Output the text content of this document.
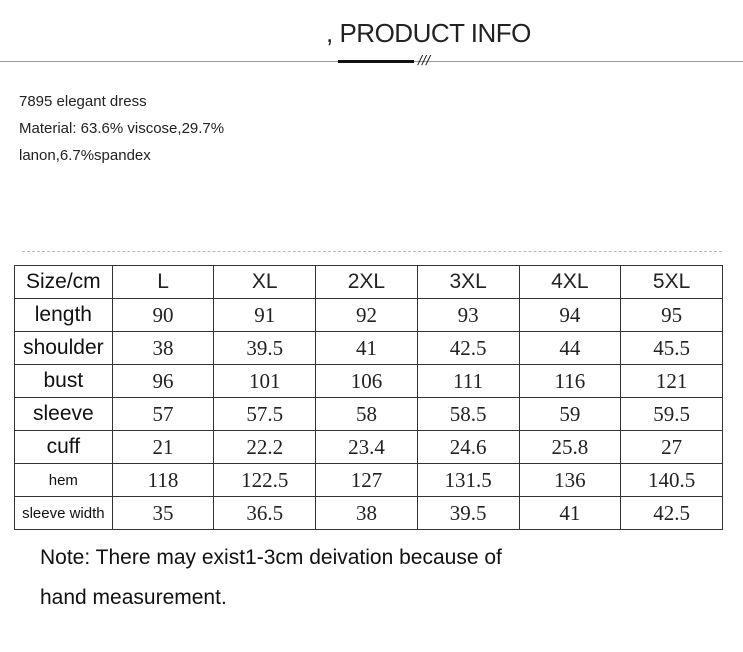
, PRODUCT INFO
///
7895 elegant dress
Material: 63.6% viscose,29.7%
lanon,6.7%spandex
Size/cm	L	XL	2XL	3XL	4XL	5XL
length	90	91	92	93	94	95
shoulder	38	39.5	41	42.5	44	45.5
bust	96	101	106	111	116	121
sleeve	57	57.5	58	58.5	59	59.5
cuff	21	22.2	23.4	24.6	25.8	27
hem	118	122.5	127	131.5	136	140.5
sleeve width	35	36.5	38	39.5	41	42.5
Note: There may exist1-3cm deivation because of
hand measurement.
